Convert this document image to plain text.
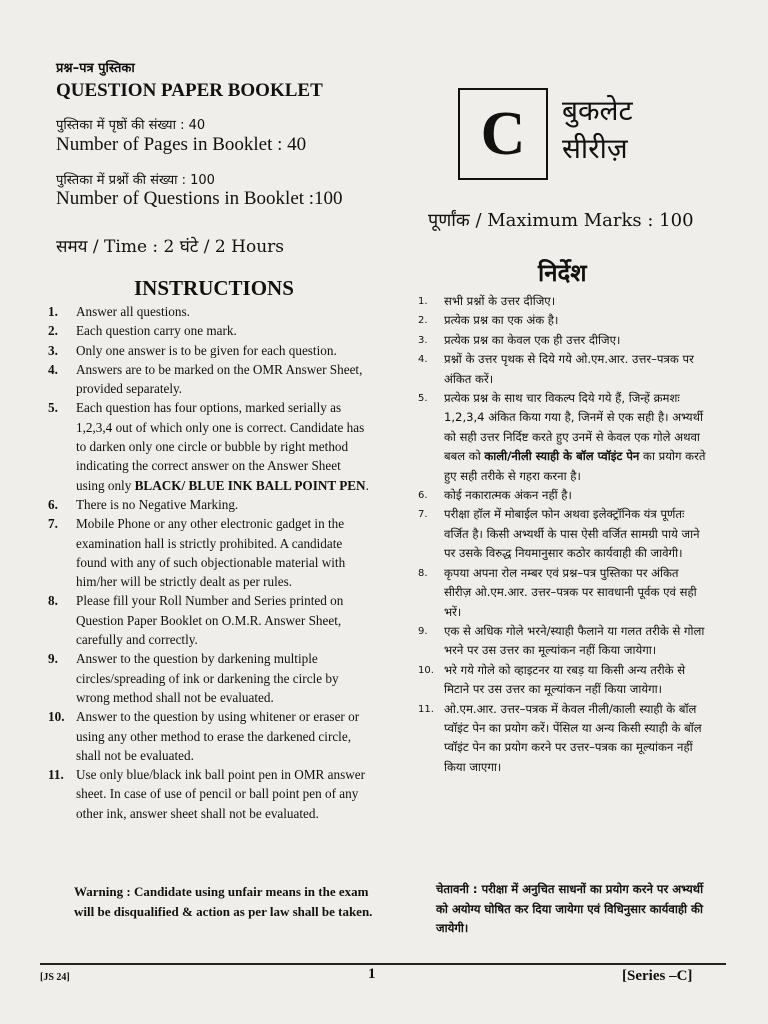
प्रश्न–पत्र पुस्तिका
QUESTION PAPER BOOKLET
पुस्तिका में पृष्ठों की संख्या : 40
Number of Pages in Booklet : 40
पुस्तिका में प्रश्नों की संख्या : 100
Number of Questions in Booklet :100
समय / Time : 2 घंटे / 2 Hours
C बुकलेट
सीरीज़
पूर्णांक / Maximum Marks : 100
INSTRUCTIONS
1.	Answer all questions.
2.	Each question carry one mark.
3.	Only one answer is to be given for each question.
4.	Answers are to be marked on the OMR Answer Sheet, provided separately.
5.	Each question has four options, marked serially as 1,2,3,4 out of which only one is correct. Candidate has to darken only one circle or bubble by right method indicating the correct answer on the Answer Sheet using only BLACK/ BLUE INK BALL POINT PEN.
6.	There is no Negative Marking.
7.	Mobile Phone or any other electronic gadget in the examination hall is strictly prohibited. A candidate found with any of such objectionable material with him/her will be strictly dealt as per rules.
8.	Please fill your Roll Number and Series printed on Question Paper Booklet on O.M.R. Answer Sheet, carefully and correctly.
9.	Answer to the question by darkening multiple circles/spreading of ink or darkening the circle by wrong method shall not be evaluated.
10. Answer to the question by using whitener or eraser or using any other method to erase the darkened circle, shall not be evaluated.
11. Use only blue/black ink ball point pen in OMR answer sheet. In case of use of pencil or ball point pen of any other ink, answer sheet shall not be evaluated.
Warning : Candidate using unfair means in the exam will be disqualified & action as per law shall be taken.
निर्देश
1.	सभी प्रश्नों के उत्तर दीजिए।
2.	प्रत्येक प्रश्न का एक अंक है।
3.	प्रत्येक प्रश्न का केवल एक ही उत्तर दीजिए।
4.	प्रश्नों के उत्तर पृथक से दिये गये ओ.एम.आर. उत्तर–पत्रक पर अंकित करें।
5.	प्रत्येक प्रश्न के साथ चार विकल्प दिये गये हैं, जिन्हें क्रमशः 1,2,3,4 अंकित किया गया है, जिनमें से एक सही है। अभ्यर्थी को सही उत्तर निर्दिष्ट करते हुए उनमें से केवल एक गोले अथवा बबल को काली/नीली स्याही के बॉल प्वॉइंट पेन का प्रयोग करते हुए सही तरीके से गहरा करना है।
6.	कोई नकारात्मक अंकन नहीं है।
7.	परीक्षा हॉल में मोबाईल फोन अथवा इलेक्ट्रॉनिक यंत्र पूर्णतः वर्जित है। किसी अभ्यर्थी के पास ऐसी वर्जित सामग्री पाये जाने पर उसके विरुद्ध नियमानुसार कठोर कार्यवाही की जावेगी।
8.	कृपया अपना रोल नम्बर एवं प्रश्न–पत्र पुस्तिका पर अंकित सीरीज़ ओ.एम.आर. उत्तर–पत्रक पर सावधानी पूर्वक एवं सही भरें।
9.	एक से अधिक गोले भरने/स्याही फैलाने या गलत तरीके से गोला भरने पर उस उत्तर का मूल्यांकन नहीं किया जायेगा।
10. भरे गये गोले को व्हाइटनर या रबड़ या किसी अन्य तरीके से मिटाने पर उस उत्तर का मूल्यांकन नहीं किया जायेगा।
11. ओ.एम.आर. उत्तर–पत्रक में केवल नीली/काली स्याही के बॉल प्वॉइंट पेन का प्रयोग करें। पेंसिल या अन्य किसी स्याही के बॉल प्वॉइंट पेन का प्रयोग करने पर उत्तर–पत्रक का मूल्यांकन नहीं किया जाएगा।
चेतावनी : परीक्षा में अनुचित साधनों का प्रयोग करने पर अभ्यर्थी को अयोग्य घोषित कर दिया जायेगा एवं विधिनुसार कार्यवाही की जायेगी।
[JS 24]	1	[Series –C]
